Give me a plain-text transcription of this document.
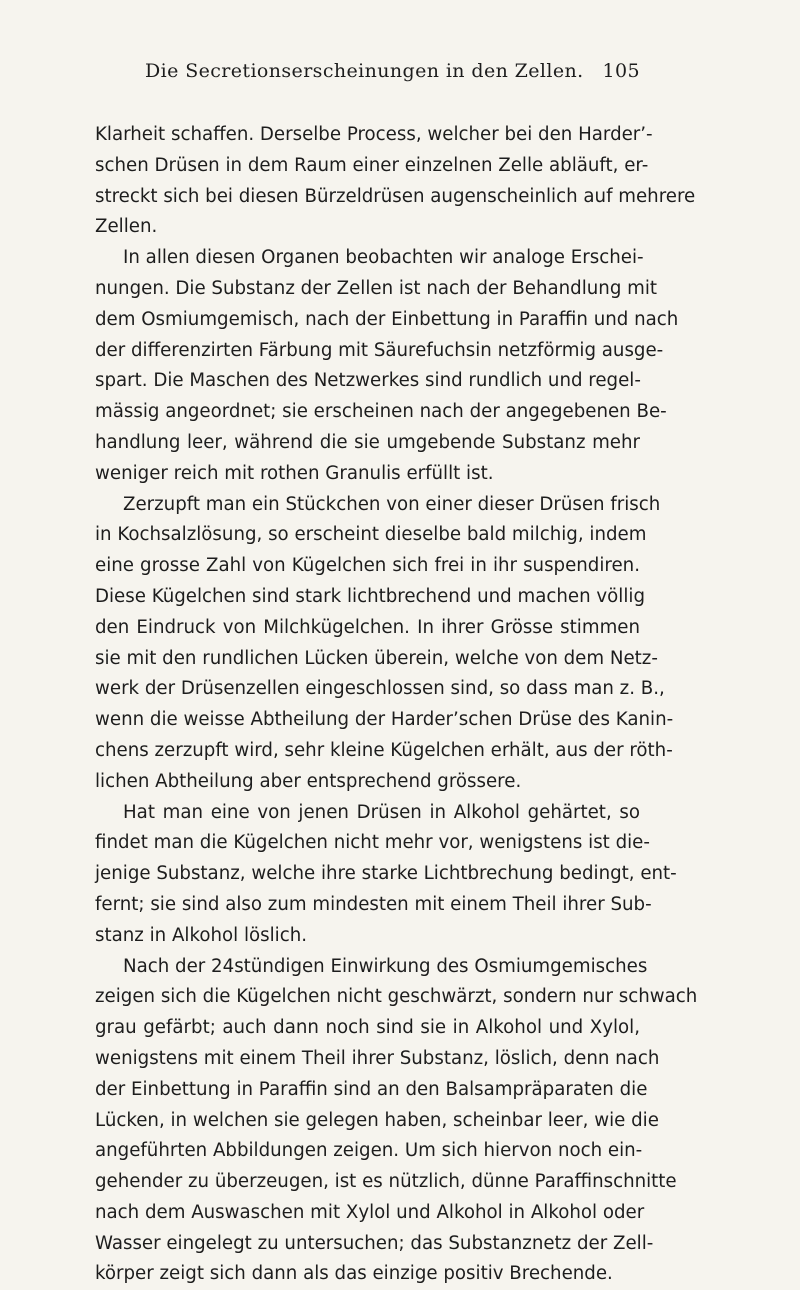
Die Secretionserscheinungen in den Zellen. 105
Klarheit schaffen. Derselbe Process, welcher bei den Harder’-
schen Drüsen in dem Raum einer einzelnen Zelle abläuft, er-
streckt sich bei diesen Bürzeldrüsen augenscheinlich auf mehrere
Zellen.
In allen diesen Organen beobachten wir analoge Erschei-
nungen. Die Substanz der Zellen ist nach der Behandlung mit
dem Osmiumgemisch, nach der Einbettung in Paraffin und nach
der differenzirten Färbung mit Säurefuchsin netzförmig ausge-
spart. Die Maschen des Netzwerkes sind rundlich und regel-
mässig angeordnet; sie erscheinen nach der angegebenen Be-
handlung leer, während die sie umgebende Substanz mehr
weniger reich mit rothen Granulis erfüllt ist.
Zerzupft man ein Stückchen von einer dieser Drüsen frisch
in Kochsalzlösung, so erscheint dieselbe bald milchig, indem
eine grosse Zahl von Kügelchen sich frei in ihr suspendiren.
Diese Kügelchen sind stark lichtbrechend und machen völlig
den Eindruck von Milchkügelchen. In ihrer Grösse stimmen
sie mit den rundlichen Lücken überein, welche von dem Netz-
werk der Drüsenzellen eingeschlossen sind, so dass man z. B.,
wenn die weisse Abtheilung der Harder’schen Drüse des Kanin-
chens zerzupft wird, sehr kleine Kügelchen erhält, aus der röth-
lichen Abtheilung aber entsprechend grössere.
Hat man eine von jenen Drüsen in Alkohol gehärtet, so
findet man die Kügelchen nicht mehr vor, wenigstens ist die-
jenige Substanz, welche ihre starke Lichtbrechung bedingt, ent-
fernt; sie sind also zum mindesten mit einem Theil ihrer Sub-
stanz in Alkohol löslich.
Nach der 24stündigen Einwirkung des Osmiumgemisches
zeigen sich die Kügelchen nicht geschwärzt, sondern nur schwach
grau gefärbt; auch dann noch sind sie in Alkohol und Xylol,
wenigstens mit einem Theil ihrer Substanz, löslich, denn nach
der Einbettung in Paraffin sind an den Balsampräparaten die
Lücken, in welchen sie gelegen haben, scheinbar leer, wie die
angeführten Abbildungen zeigen. Um sich hiervon noch ein-
gehender zu überzeugen, ist es nützlich, dünne Paraffinschnitte
nach dem Auswaschen mit Xylol und Alkohol in Alkohol oder
Wasser eingelegt zu untersuchen; das Substanznetz der Zell-
körper zeigt sich dann als das einzige positiv Brechende.
